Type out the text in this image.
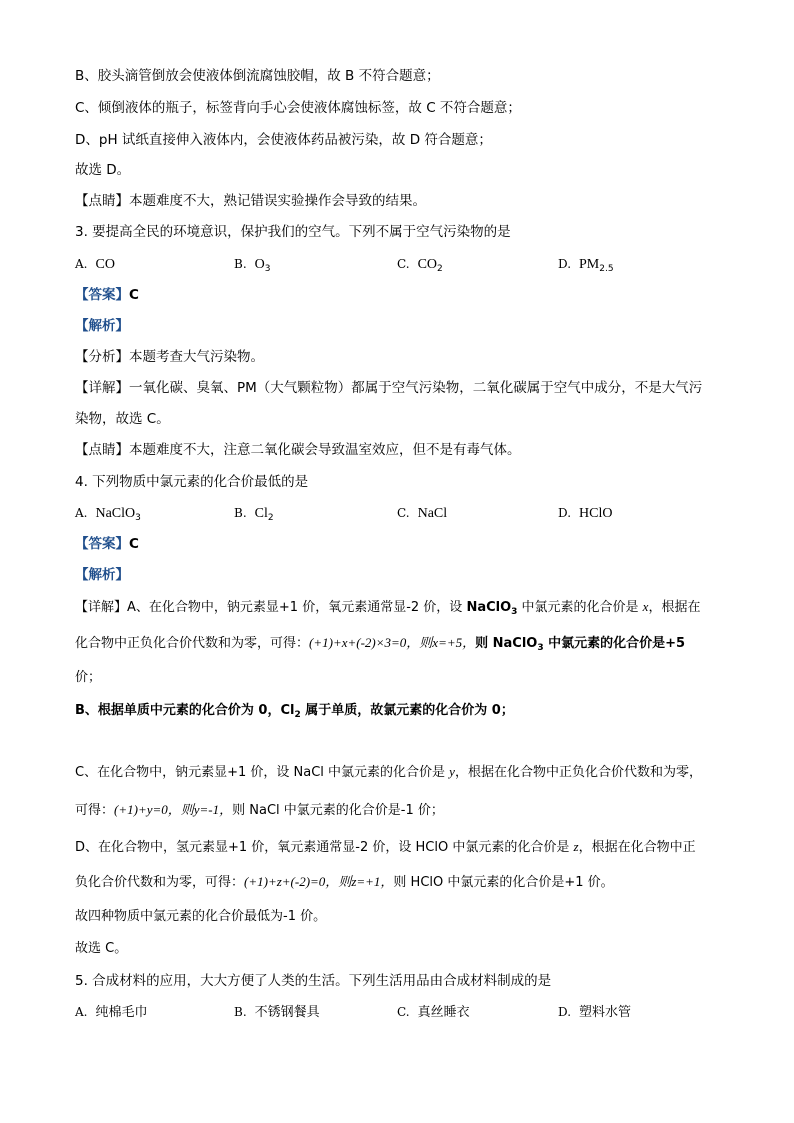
B、胶头滴管倒放会使液体倒流腐蚀胶帽，故 B 不符合题意；
C、倾倒液体的瓶子，标签背向手心会使液体腐蚀标签，故 C 不符合题意；
D、pH 试纸直接伸入液体内，会使液体药品被污染，故 D 符合题意；
故选 D。
【点睛】本题难度不大，熟记错误实验操作会导致的结果。
3. 要提高全民的环境意识，保护我们的空气。下列不属于空气污染物的是
A. CO	B. $O_3$	C. $CO_2$	D. $PM_{2.5}$
【答案】C
【解析】
【分析】本题考查大气污染物。
【详解】一氧化碳、臭氧、PM（大气颗粒物）都属于空气污染物，二氧化碳属于空气中成分，不是大气污
染物，故选 C。
【点睛】本题难度不大，注意二氧化碳会导致温室效应，但不是有毒气体。
4. 下列物质中氯元素的化合价最低的是
A. NaClO$_3$	B. $Cl_2$	C. NaCl	D. HClO
【答案】C
【解析】
【详解】A、在化合物中，钠元素显+1 价，氧元素通常显-2 价，设 NaClO$_3$ 中氯元素的化合价是 x，根据在
化合物中正负化合价代数和为零，可得：(+1)+x+(-2)×3=0，则x=+5，则 NaClO$_3$ 中氯元素的化合价是+5
价；
B、根据单质中元素的化合价为 0，$Cl_2$ 属于单质，故氯元素的化合价为 0；
C、在化合物中，钠元素显+1 价，设 NaCl 中氯元素的化合价是 y，根据在化合物中正负化合价代数和为零，
可得：(+1)+y=0，则y=-1，则 NaCl 中氯元素的化合价是-1 价；
D、在化合物中，氢元素显+1 价，氧元素通常显-2 价，设 HClO 中氯元素的化合价是 z，根据在化合物中正
负化合价代数和为零，可得：(+1)+z+(-2)=0，则z=+1，则 HClO 中氯元素的化合价是+1 价。
故四种物质中氯元素的化合价最低为-1 价。
故选 C。
5. 合成材料的应用，大大方便了人类的生活。下列生活用品由合成材料制成的是
A. 纯棉毛巾	B. 不锈钢餐具	C. 真丝睡衣	D. 塑料水管
